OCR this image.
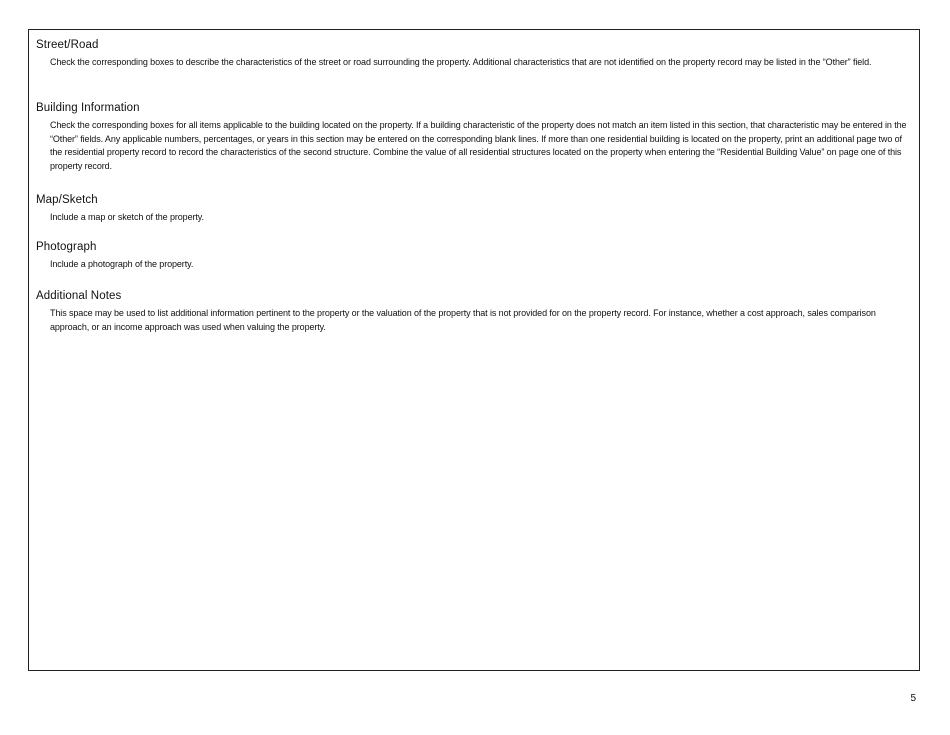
Street/Road

Check the corresponding boxes to describe the characteristics of the street or road surrounding the property. Additional characteristics that are not identified on the property record may be listed in the “Other” field.

Building Information

Check the corresponding boxes for all items applicable to the building located on the property. If a building characteristic of the property does not match an item listed in this section, that characteristic may be entered in the “Other” fields. Any applicable numbers, percentages, or years in this section may be entered on the corresponding blank lines. If more than one residential building is located on the property, print an additional page two of the residential property record to record the characteristics of the second structure. Combine the value of all residential structures located on the property when entering the “Residential Building Value” on page one of this property record.

Map/Sketch

Include a map or sketch of the property.

Photograph

Include a photograph of the property.

Additional Notes

This space may be used to list additional information pertinent to the property or the valuation of the property that is not provided for on the property record. For instance, whether a cost approach, sales comparison approach, or an income approach was used when valuing the property.

5
